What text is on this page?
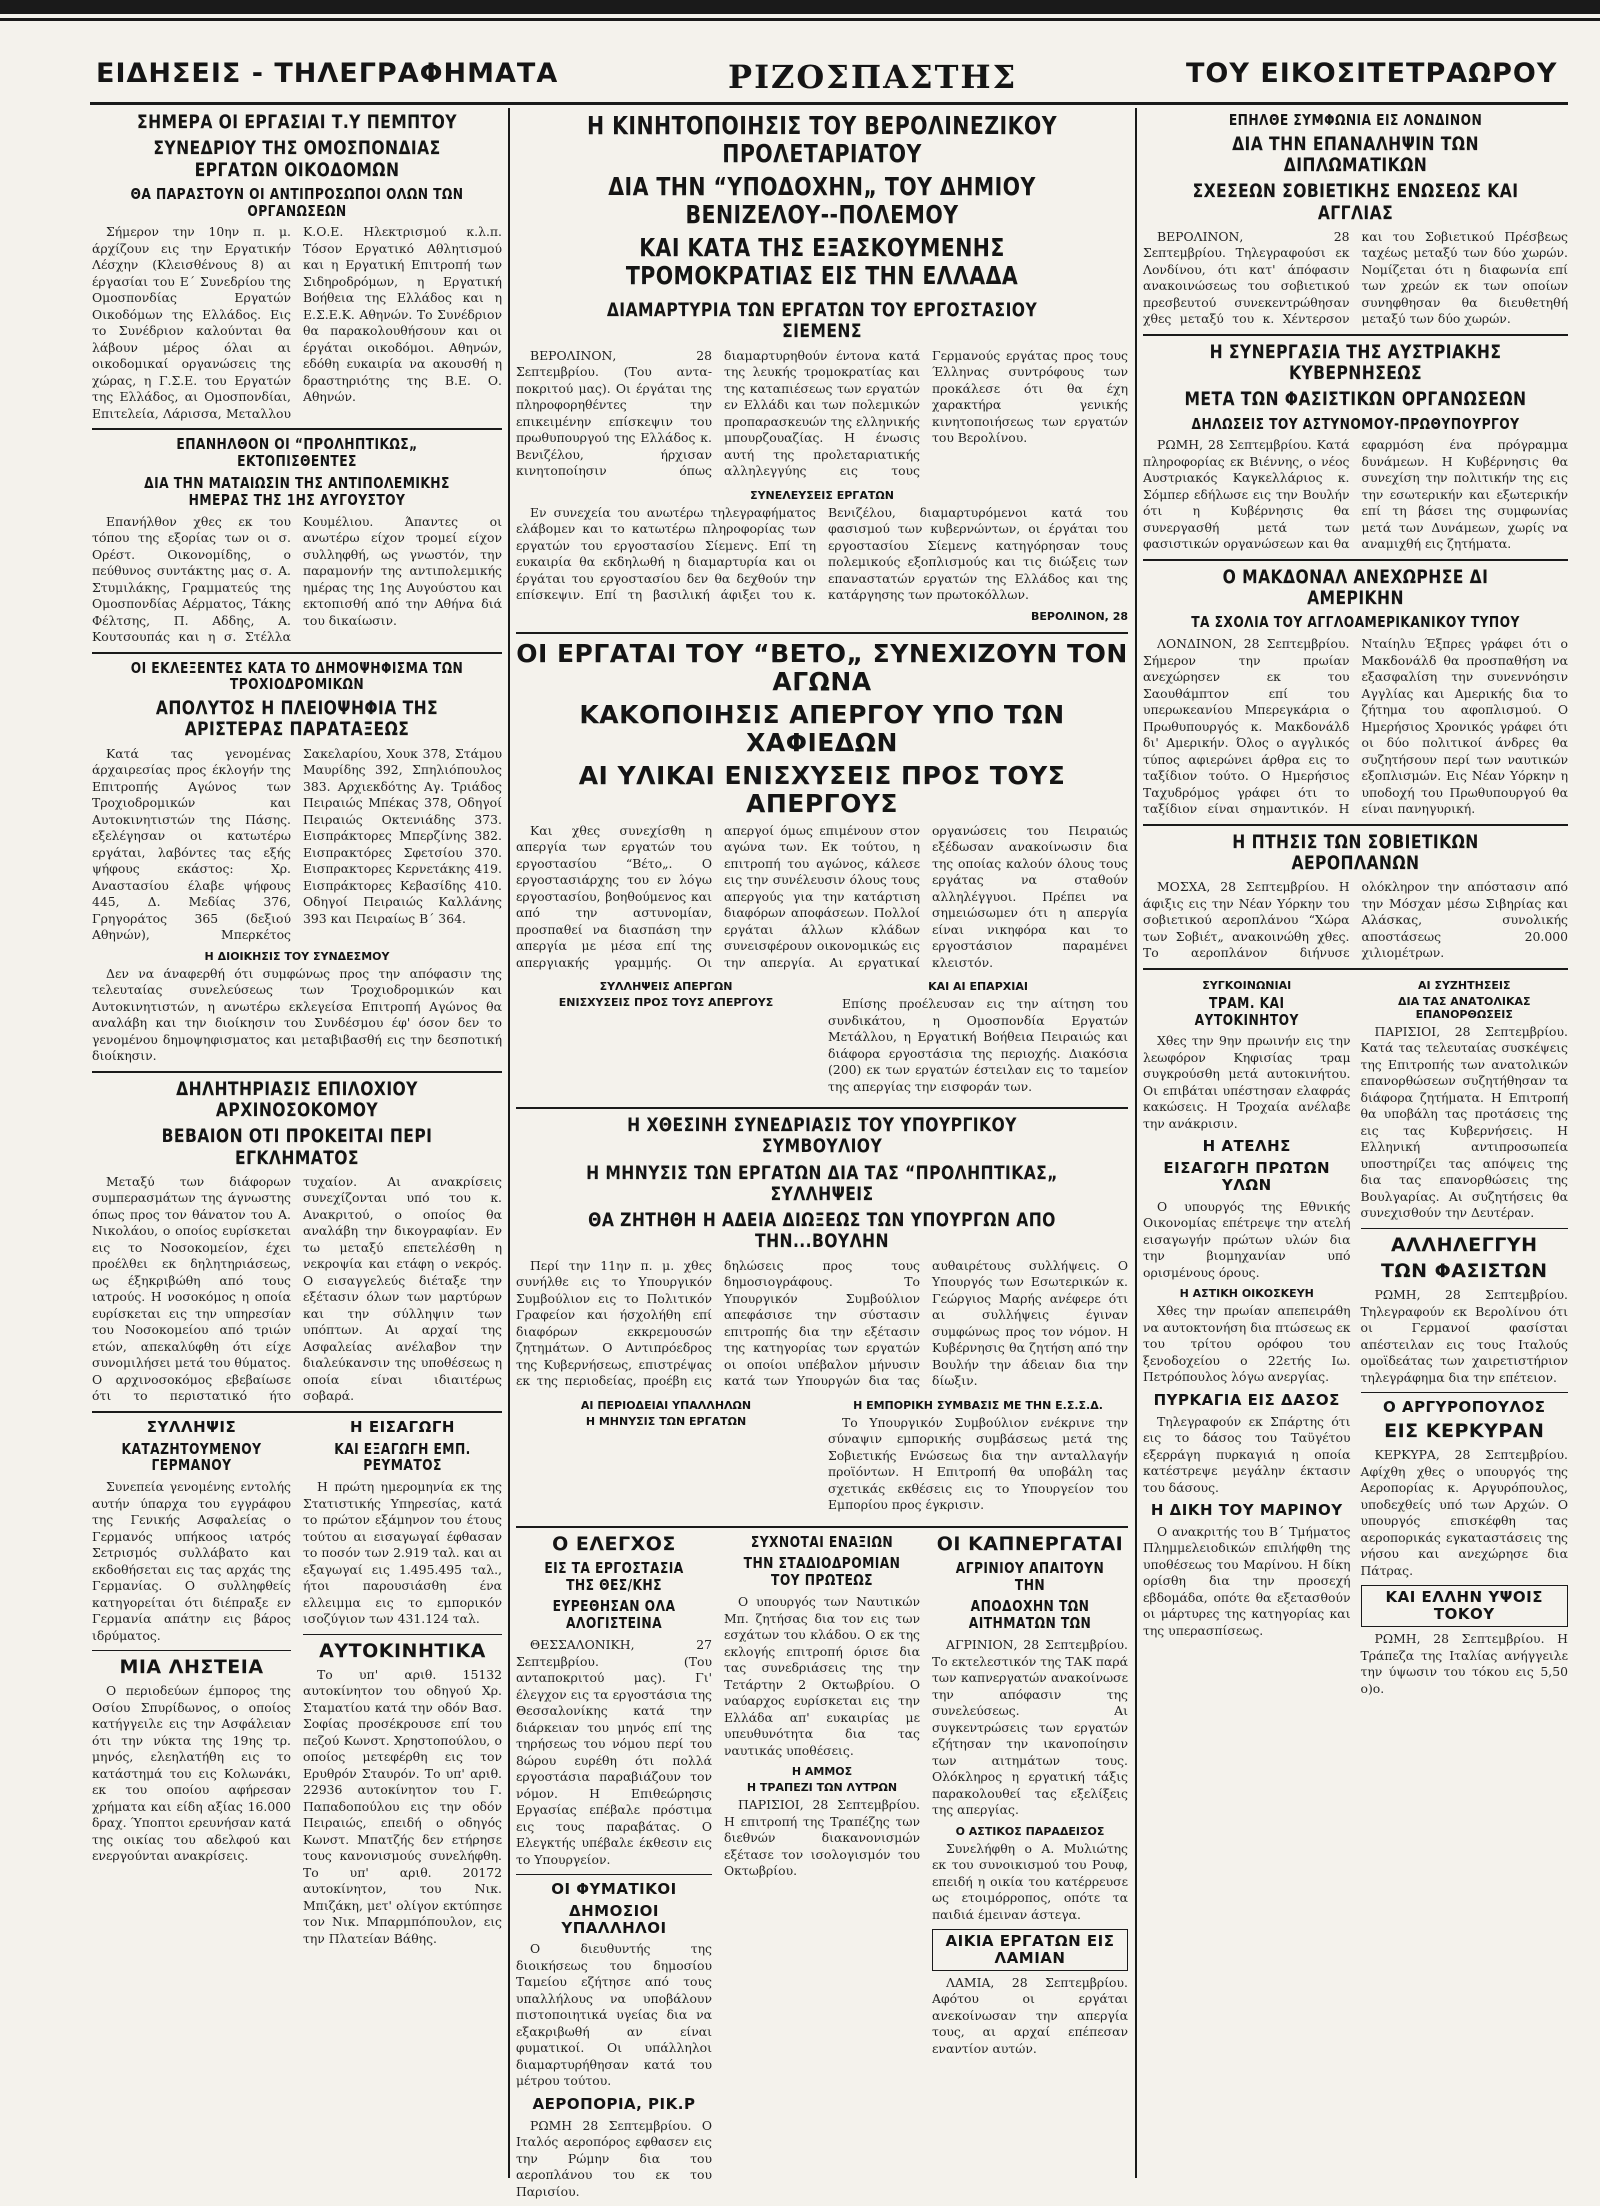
ΕΙΔΗΣΕΙΣ - ΤΗΛΕΓΡΑΦΗΜΑΤΑ	ΡΙΖΟΣΠΑΣΤΗΣ	ΤΟΥ ΕΙΚΟΣΙΤΕΤΡΑΩΡΟΥ
ΣΗΜΕΡΑ ΟΙ ΕΡΓΑΣΙΑΙ Τ.Υ ΠΕΜΠΤΟΥ
ΣΥΝΕΔΡΙΟΥ ΤΗΣ ΟΜΟΣΠΟΝΔΙΑΣ ΕΡΓΑΤΩΝ ΟΙΚΟΔΟΜΩΝ
ΘΑ ΠΑΡΑΣΤΟΥΝ ΟΙ ΑΝΤΙΠΡΟΣΩΠΟΙ ΟΛΩΝ ΤΩΝ ΟΡΓΑΝΩΣΕΩΝ

Σήμερον την 10ην π. μ. άρχίζουν εις την Εργατικήν Λέσχην (Κλεισθένους 8) αι έργασίαι του Ε΄ Συνεδρίου της Ομοσπονδίας Εργατών Οικοδόμων της Ελλάδος. Εις το Συνέδριον καλούνται θα λάβουν μέρος όλαι αι οικοδομικαί οργανώσεις της χώρας, η Γ.Σ.Ε. του Εργατών της Ελλάδος, αι Ομοσπονδίαι, Επιτελεία, Λάρισσα, Μεταλλου Κ.Ο.Ε. Ηλεκτρισμού κ.λ.π. Τόσον Εργατικό Αθλητισμού και η Εργατική Επιτροπή των Σιδηροδρόμων, η Εργατική Βοήθεια της Ελλάδος και η Ε.Σ.Ε.Κ. Αθηνών. Το Συνέδριον θα παρακολουθήσουν και οι έργάται οικοδόμοι. Αθηνών, εδόθη ευκαιρία να ακουσθή η δραστηριότης της Β.Ε. Ο. Αθηνών.

ΕΠΑΝΗΛΘΟΝ ΟΙ “ΠΡΟΛΗΠΤΙΚΩΣ„ ΕΚΤΟΠΙΣΘΕΝΤΕΣ
ΔΙΑ ΤΗΝ ΜΑΤΑΙΩΣΙΝ ΤΗΣ ΑΝΤΙΠΟΛΕΜΙΚΗΣ ΗΜΕΡΑΣ ΤΗΣ 1ΗΣ ΑΥΓΟΥΣΤΟΥ

Επανήλθον χθες εκ του τόπου της εξορίας των οι σ. Ορέστ. Οικονομίδης, ο πεύθυνος συντάκτης μας σ. Α. Στυμιλάκης, Γραμματεύς της Ομοσπονδίας Αέρματος, Τάκης Φέλτσης, Π. Αδδης, Α. Κουτσουπάς και η σ. Στέλλα Κουμέλιου. Άπαντες οι ανωτέρω είχον τρομεί είχον συλληφθή, ως γνωστόν, την παραμονήν της αντιπολεμικής ημέρας της 1ης Αυγούστου και εκτοπισθή από την Αθήνα διά του δικαίωσιν.

ΟΙ ΕΚΛΕΞΕΝΤΕΣ ΚΑΤΑ ΤΟ ΔΗΜΟΨΗΦΙΣΜΑ ΤΩΝ ΤΡΟΧΙΟΔΡΟΜΙΚΩΝ
ΑΠΟΛΥΤΟΣ Η ΠΛΕΙΟΨΗΦΙΑ ΤΗΣ ΑΡΙΣΤΕΡΑΣ ΠΑΡΑΤΑΞΕΩΣ

Κατά τας γενομένας άρχαιρεσίας προς έκλογήν της Επιτροπής Αγώνος των Τροχιοδρομικών και Αυτοκινητιστών της Πάσης. εξελέγησαν οι κατωτέρω εργάται, λαβόντες τας εξής ψήφους εκάστος: Χρ. Αναστασίου έλαβε ψήφους 445, Δ. Μεδίας 376, Γρηγοράτος 365 (δεξιού Αθηνών), Μπερκέτος Σακελαρίου, Χουκ 378, Στάμου Μαυρίδης 392, Σπηλιόπουλος 383. Αρχιεκδότης Αγ. Τριάδος Πειραιώς Μπέκας 378, Οδηγοί Πειραιώς Οκτενιάδης 373. Εισπράκτορες Μπερζίνης 382. Εισπρακτόρες Σφετσίου 370. Εισπρακτορες Κερνετάκης 419. Εισπράκτορες Κεβασίδης 410. Οδηγοί Πειραιώς Καλλάνης 393 και Πειραίως Β΄ 364.

Η ΔΙΟΙΚΗΣΙΣ ΤΟΥ ΣΥΝΔΕΣΜΟΥ

Δεν να άναφερθή ότι συμφώνως προς την απόφασιν της τελευταίας συνελεύσεως των Τροχιοδρομικών και Αυτοκινητιστών, η ανωτέρω εκλεγείσα Επιτροπή Αγώνος θα αναλάβη και την διοίκησιν του Συνδέσμου έφ' όσον δεν το γενομένου δημοψηφισματος και μεταβιβασθή εις την δεσποτική διοίκησιν.

ΔΗΛΗΤΗΡΙΑΣΙΣ ΕΠΙΛΟΧΙΟΥ ΑΡΧΙΝΟΣΟΚΟΜΟΥ
ΒΕΒΑΙΟΝ ΟΤΙ ΠΡΟΚΕΙΤΑΙ ΠΕΡΙ ΕΓΚΛΗΜΑΤΟΣ

Μεταξύ των διάφορων συμπερασμάτων της άγνωστης όπως προς τον θάνατον του Α. Νικολάου, ο οποίος ευρίσκεται εις το Νοσοκομείον, έχει προέλθει εκ δηλητηριάσεως, ως έξηκριβώθη από τους ιατρούς. Η νοσοκόμος η οποία ευρίσκεται εις την υπηρεσίαν του Νοσοκομείου από τριών ετών, απεκαλύφθη ότι είχε συνομιλήσει μετά του θύματος. Ο αρχινοσοκόμος εβεβαίωσε ότι το περιστατικό ήτο τυχαίον. Αι ανακρίσεις συνεχίζονται υπό του κ. Ανακριτού, ο οποίος θα αναλάβη την δικογραφίαν. Εν τω μεταξύ επετελέσθη η νεκροψία και ετάφη ο νεκρός. Ο εισαγγελεύς διέταξε την εξέτασιν όλων των μαρτύρων και την σύλληψιν των υπόπτων. Αι αρχαί της Ασφαλείας ανέλαβον την διαλεύκανσιν της υποθέσεως η οποία είναι ιδιαιτέρως σοβαρά.

ΣΥΛΛΗΨΙΣ
ΚΑΤΑΖΗΤΟΥΜΕΝΟΥ ΓΕΡΜΑΝΟΥ

Συνεπεία γενομένης εντολής αυτήν ύπαρχα του εγγράφου της Γενικής Ασφαλείας ο Γερμανός υπήκοος ιατρός Σετρισμός συλλάβατο και εκδοθήσεται εις τας αρχάς της Γερμανίας. Ο συλληφθείς κατηγορείται ότι διέπραξε εν Γερμανία απάτην εις βάρος ιδρύματος.

ΜΙΑ ΛΗΣΤΕΙΑ

Ο περιοδεύων έμπορος της Οσίου Σπυρίδωνος, ο οποίος κατήγγειλε εις την Ασφάλειαν ότι την νύκτα της 19ης τρ. μηνός, ελεηλατήθη εις το κατάστημά του εις Κολωνάκι, εκ του οποίου αφήρεσαν χρήματα και είδη αξίας 16.000 δραχ. Ύποπτοι ερευνήσαν κατά της οικίας του αδελφού και ενεργούνται ανακρίσεις.

Η ΕΙΣΑΓΩΓΗ
ΚΑΙ ΕΞΑΓΩΓΗ ΕΜΠ. ΡΕΥΜΑΤΟΣ

Η πρώτη ημερομηνία εκ της Στατιστικής Υπηρεσίας, κατά το πρώτον εξάμηνον του έτους τούτου αι εισαγωγαί έφθασαν το ποσόν των 2.919 ταλ. και αι εξαγωγαί εις 1.495.495 ταλ., ήτοι παρουσιάσθη ένα ελλειμμα εις το εμπορικόν ισοζύγιον των 431.124 ταλ.

ΑΥΤΟΚΙΝΗΤΙΚΑ

Το υπ' αριθ. 15132 αυτοκίνητον του οδηγού Χρ. Σταματίου κατά την οδόν Βασ. Σοφίας προσέκρουσε επί του πεζού Κωνστ. Χρηστοπούλου, ο οποίος μετεφέρθη εις τον Ερυθρόν Σταυρόν. Το υπ' αριθ. 22936 αυτοκίνητον του Γ. Παπαδοπούλου εις την οδόν Πειραιώς, επειδή ο οδηγός Κωνστ. Μπατζής δεν ετήρησε τους κανονισμούς συνελήφθη. Το υπ' αριθ. 20172 αυτοκίνητον, του Νικ. Μπιζάκη, μετ' ολίγον εκτύπησε τον Νικ. Μπαρμπόπουλον, εις την Πλατείαν Βάθης.

Η ΚΙΝΗΤΟΠΟΙΗΣΙΣ ΤΟΥ ΒΕΡΟΛΙΝΕΖΙΚΟΥ ΠΡΟΛΕΤΑΡΙΑΤΟΥ
ΔΙΑ ΤΗΝ “ΥΠΟΔΟΧΗΝ„ ΤΟΥ ΔΗΜΙΟΥ ΒΕΝΙΖΕΛΟΥ--ΠΟΛΕΜΟΥ
ΚΑΙ ΚΑΤΑ ΤΗΣ ΕΞΑΣΚΟΥΜΕΝΗΣ ΤΡΟΜΟΚΡΑΤΙΑΣ ΕΙΣ ΤΗΝ ΕΛΛΑΔΑ
ΔΙΑΜΑΡΤΥΡΙΑ ΤΩΝ ΕΡΓΑΤΩΝ ΤΟΥ ΕΡΓΟΣΤΑΣΙΟΥ ΣΙΕΜΕΝΣ

ΒΕΡΟΛΙΝΟΝ, 28 Σεπτεμβρίου. (Του ανταποκριτού μας). Οι έργάται της πληροφορηθέντες την επικειμένην επίσκεψιν του πρωθυπουργού της Ελλάδος κ. Βενιζέλου, ήρχισαν κινητοποίησιν όπως διαμαρτυρηθούν έντονα κατά της λευκής τρομοκρατίας και της καταπιέσεως των εργατών εν Ελλάδι και των πολεμικών προπαρασκευών της ελληνικής μπουρζουαζίας. Η ένωσις αυτή της προλεταριατικής αλληλεγγύης εις τους Γερμανούς εργάτας προς τους Έλληνας συντρόφους των προκάλεσε ότι θα έχη χαρακτήρα γενικής κινητοποιήσεως των εργατών του Βερολίνου.

ΣΥΝΕΛΕΥΣΕΙΣ ΕΡΓΑΤΩΝ

Εν συνεχεία του ανωτέρω τηλεγραφήματος ελάβομεν και το κατωτέρω πληροφορίας των εργατών του εργοστασίου Σίεμενς. Επί τη ευκαιρία θα εκδηλωθή η διαμαρτυρία και οι έργάται του εργοστασίου δεν θα δεχθούν την επίσκεψιν. Επί τη βασιλική άφιξει του κ. Βενιζέλου, διαμαρτυρόμενοι κατά του φασισμού των κυβερνώντων, οι έργάται του εργοστασίου Σίεμενς κατηγόρησαν τους πολεμικούς εξοπλισμούς και τις διώξεις των επαναστατών εργατών της Ελλάδος και της κατάργησης των πρωτοκόλλων.

ΒΕΡΟΛΙΝΟΝ, 28
ΟΙ ΕΡΓΑΤΑΙ ΤΟΥ “ΒΕΤΟ„ ΣΥΝΕΧΙΖΟΥΝ ΤΟΝ ΑΓΩΝΑ
ΚΑΚΟΠΟΙΗΣΙΣ ΑΠΕΡΓΟΥ ΥΠΟ ΤΩΝ ΧΑΦΙΕΔΩΝ
ΑΙ ΥΛΙΚΑΙ ΕΝΙΣΧΥΣΕΙΣ ΠΡΟΣ ΤΟΥΣ ΑΠΕΡΓΟΥΣ

Και χθες συνεχίσθη η απεργία των εργατών του εργοστασίου “Βέτο„. Ο εργοστασιάρχης του εν λόγω εργοστασίου, βοηθούμενος και από την αστυνομίαν, προσπαθεί να διασπάση την απεργία με μέσα επί της απεργιακής γραμμής. Οι απεργοί όμως επιμένουν στον αγώνα των. Εκ τούτου, η επιτροπή του αγώνος, κάλεσε εις την συνέλευσιν όλους τους απεργούς για την κατάρτιση διαφόρων αποφάσεων. Πολλοί εργάται άλλων κλάδων συνεισφέρουν οικονομικώς εις την απεργία. Αι εργατικαί οργανώσεις του Πειραιώς εξέδωσαν ανακοίνωσιν δια της οποίας καλούν όλους τους εργάτας να σταθούν αλληλέγγυοι. Πρέπει να σημειώσωμεν ότι η απεργία είναι νικηφόρα και το εργοστάσιον παραμένει κλειστόν.

ΣΥΛΛΗΨΕΙΣ ΑΠΕΡΓΩΝ
ΕΝΙΣΧΥΣΕΙΣ ΠΡΟΣ ΤΟΥΣ ΑΠΕΡΓΟΥΣ
ΚΑΙ ΑΙ ΕΠΑΡΧΙΑΙ

Επίσης προέλευσαν εις την αίτηση του συνδικάτου, η Ομοσπονδία Εργατών Μετάλλου, η Εργατική Βοήθεια Πειραιώς και διάφορα εργοστάσια της περιοχής. Διακόσια (200) εκ των εργατών έστειλαν εις το ταμείον της απεργίας την εισφοράν των.

Η ΧΘΕΣΙΝΗ ΣΥΝΕΔΡΙΑΣΙΣ ΤΟΥ ΥΠΟΥΡΓΙΚΟΥ ΣΥΜΒΟΥΛΙΟΥ
Η ΜΗΝΥΣΙΣ ΤΩΝ ΕΡΓΑΤΩΝ ΔΙΑ ΤΑΣ “ΠΡΟΛΗΠΤΙΚΑΣ„ ΣΥΛΛΗΨΕΙΣ
ΘΑ ΖΗΤΗΘΗ Η ΑΔΕΙΑ ΔΙΩΞΕΩΣ ΤΩΝ ΥΠΟΥΡΓΩΝ ΑΠΟ ΤΗΝ...ΒΟΥΛΗΝ

Περί την 11ην π. μ. χθες συνήλθε εις το Υπουργικόν Συμβούλιον εις το Πολιτικόν Γραφείον και ήσχολήθη επί διαφόρων εκκρεμουσών ζητημάτων. Ο Αντιπρόεδρος της Κυβερνήσεως, επιστρέψας εκ της περιοδείας, προέβη εις δηλώσεις προς τους δημοσιογράφους. Το Υπουργικόν Συμβούλιον απεφάσισε την σύστασιν επιτροπής δια την εξέτασιν της κατηγορίας των εργατών οι οποίοι υπέβαλον μήνυσιν κατά των Υπουργών δια τας αυθαιρέτους συλλήψεις. Ο Υπουργός των Εσωτερικών κ. Γεώργιος Μαρής ανέφερε ότι αι συλλήψεις έγιναν συμφώνως προς τον νόμον. Η Κυβέρνησις θα ζητήση από την Βουλήν την άδειαν δια την δίωξιν.

ΑΙ ΠΕΡΙΟΔΕΙΑΙ ΥΠΑΛΛΗΛΩΝ
Η ΜΗΝΥΣΙΣ ΤΩΝ ΕΡΓΑΤΩΝ
Η ΕΜΠΟΡΙΚΗ ΣΥΜΒΑΣΙΣ ΜΕ ΤΗΝ Ε.Σ.Σ.Δ.

Το Υπουργικόν Συμβούλιον ενέκρινε την σύναψιν εμπορικής συμβάσεως μετά της Σοβιετικής Ενώσεως δια την ανταλλαγήν προϊόντων. Η Επιτροπή θα υποβάλη τας σχετικάς εκθέσεις εις το Υπουργείον του Εμπορίου προς έγκρισιν.

Ο ΕΛΕΓΧΟΣ
ΕΙΣ ΤΑ ΕΡΓΟΣΤΑΣΙΑ ΤΗΣ ΘΕΣ/ΚΗΣ
ΕΥΡΕΘΗΣΑΝ ΟΛΑ ΑΛΟΓΙΣΤΕΙΝΑ

ΘΕΣΣΑΛΟΝΙΚΗ, 27 Σεπτεμβρίου. (Του ανταποκριτού μας). Γι' έλεγχον εις τα εργοστάσια της Θεσσαλονίκης κατά την διάρκειαν του μηνός επί της τηρήσεως του νόμου περί του 8ώρου ευρέθη ότι πολλά εργοστάσια παραβιάζουν τον νόμον. Η Επιθεώρησις Εργασίας επέβαλε πρόστιμα εις τους παραβάτας. Ο Ελεγκτής υπέβαλε έκθεσιν εις το Υπουργείον.

ΟΙ ΦΥΜΑΤΙΚΟΙ
ΔΗΜΟΣΙΟΙ ΥΠΑΛΛΗΛΟΙ

Ο διευθυντής της διοικήσεως του δημοσίου Ταμείου εζήτησε από τους υπαλλήλους να υποβάλουν πιστοποιητικά υγείας δια να εξακριβωθή αν είναι φυματικοί. Οι υπάλληλοι διαμαρτυρήθησαν κατά του μέτρου τούτου.

ΑΕΡΟΠΟΡΙΑ, ΡΙΚ.Ρ

ΡΩΜΗ 28 Σεπτεμβρίου. Ο Ιταλός αεροπόρος εφθασεν εις την Ρώμην δια του αεροπλάνου του εκ του Παρισίου.

ΣΥΧΝΟΤΑΙ ΕΝΑΞΙΩΝ
ΤΗΝ ΣΤΑΔΙΟΔΡΟΜΙΑΝ ΤΟΥ ΠΡΩΤΕΩΣ

Ο υπουργός των Ναυτικών Μπ. ζητήσας δια τον εις των εσχάτων του κλάδου. Ο εκ της εκλογής επιτροπή όρισε δια τας συνεδριάσεις της την Τετάρτην 2 Οκτωβρίου. Ο ναύαρχος ευρίσκεται εις την Ελλάδα απ' ευκαιρίας με υπευθυνότητα δια τας ναυτικάς υποθέσεις.

Η ΑΜΜΟΣ
Η ΤΡΑΠΕΖΙ ΤΩΝ ΛΥΤΡΩΝ

ΠΑΡΙΣΙΟΙ, 28 Σεπτεμβρίου. Η επιτροπή της Τραπέζης των διεθνών διακανονισμών εξέτασε τον ισολογισμόν του Οκτωβρίου.

ΟΙ ΚΑΠΝΕΡΓΑΤΑΙ
ΑΓΡΙΝΙΟΥ ΑΠΑΙΤΟΥΝ ΤΗΝ
ΑΠΟΔΟΧΗΝ ΤΩΝ ΑΙΤΗΜΑΤΩΝ ΤΩΝ

ΑΓΡΙΝΙΟΝ, 28 Σεπτεμβρίου. Το εκτελεστικόν της ΤΑΚ παρά των καπνεργατών ανακοίνωσε την απόφασιν της συνελεύσεως. Αι συγκεντρώσεις των εργατών εζήτησαν την ικανοποίησιν των αιτημάτων τους. Ολόκληρος η εργατική τάξις παρακολουθεί τας εξελίξεις της απεργίας.

Ο ΑΣΤΙΚΟΣ ΠΑΡΑΔΕΙΣΟΣ

Συνελήφθη ο Α. Μυλιώτης εκ του συνοικισμού του Ρουφ, επειδή η οικία του κατέρρευσε ως ετοιμόρροπος, οπότε τα παιδιά έμειναν άστεγα.

ΑΙΚΙΑ ΕΡΓΑΤΩΝ ΕΙΣ ΛΑΜΙΑΝ

ΛΑΜΙΑ, 28 Σεπτεμβρίου. Αφότου οι εργάται ανεκοίνωσαν την απεργία τους, αι αρχαί επέπεσαν εναντίον αυτών.

ΕΠΗΛΘΕ ΣΥΜΦΩΝΙΑ ΕΙΣ ΛΟΝΔΙΝΟΝ
ΔΙΑ ΤΗΝ ΕΠΑΝΑΛΗΨΙΝ ΤΩΝ ΔΙΠΛΩΜΑΤΙΚΩΝ
ΣΧΕΣΕΩΝ ΣΟΒΙΕΤΙΚΗΣ ΕΝΩΣΕΩΣ ΚΑΙ ΑΓΓΛΙΑΣ

ΒΕΡΟΛΙΝΟΝ, 28 Σεπτεμβρίου. Τηλεγραφούσι εκ Λονδίνου, ότι κατ' άπόφασιν ανακοινώσεως του σοβιετικού πρεσβευτού συνεκεντρώθησαν χθες μεταξύ του κ. Χέντερσον και του Σοβιετικού Πρέσβεως ταχέως μεταξύ των δύο χωρών. Νομίζεται ότι η διαφωνία επί των χρεών εκ των οποίων συνηφθησαν θα διευθετηθή μεταξύ των δύο χωρών.

Η ΣΥΝΕΡΓΑΣΙΑ ΤΗΣ ΑΥΣΤΡΙΑΚΗΣ ΚΥΒΕΡΝΗΣΕΩΣ
ΜΕΤΑ ΤΩΝ ΦΑΣΙΣΤΙΚΩΝ ΟΡΓΑΝΩΣΕΩΝ
ΔΗΛΩΣΕΙΣ ΤΟΥ ΑΣΤΥΝΟΜΟΥ-ΠΡΩΘΥΠΟΥΡΓΟΥ

ΡΩΜΗ, 28 Σεπτεμβρίου. Κατά πληροφορίας εκ Βιέννης, ο νέος Αυστριακός Καγκελλάριος κ. Σόμπερ εδήλωσε εις την Βουλήν ότι η Κυβέρνησις θα συνεργασθή μετά των φασιστικών οργανώσεων και θα εφαρμόση ένα πρόγραμμα δυνάμεων. Η Κυβέρνησις θα συνεχίση την πολιτικήν της εις την εσωτερικήν και εξωτερικήν επί τη βάσει της συμφωνίας μετά των Δυνάμεων, χωρίς να αναμιχθή εις ζητήματα.

Ο ΜΑΚΔΟΝΑΛ ΑΝΕΧΩΡΗΣΕ ΔΙ ΑΜΕΡΙΚΗΝ
ΤΑ ΣΧΟΛΙΑ ΤΟΥ ΑΓΓΛΟΑΜΕΡΙΚΑΝΙΚΟΥ ΤΥΠΟΥ

ΛΟΝΔΙΝΟΝ, 28 Σεπτεμβρίου. Σήμερον την πρωίαν ανεχώρησεν εκ του Σαουθάμπτον επί του υπερωκεανίου Μπερεγκάρια ο Πρωθυπουργός κ. Μακδονάλδ δι' Αμερικήν. Όλος ο αγγλικός τύπος αφιερώνει άρθρα εις το ταξίδιον τούτο. Ο Ημερήσιος Ταχυδρόμος γράφει ότι το ταξίδιον είναι σημαντικόν. Η Νταίηλυ Έξπρες γράφει ότι ο Μακδονάλδ θα προσπαθήση να εξασφαλίση την συνεννόησιν Αγγλίας και Αμερικής δια το ζήτημα του αφοπλισμού. Ο Ημερήσιος Χρονικός γράφει ότι οι δύο πολιτικοί άνδρες θα συζητήσουν περί των ναυτικών εξοπλισμών. Εις Νέαν Υόρκην η υποδοχή του Πρωθυπουργού θα είναι πανηγυρική.

Η ΠΤΗΣΙΣ ΤΩΝ ΣΟΒΙΕΤΙΚΩΝ ΑΕΡΟΠΛΑΝΩΝ

ΜΟΣΧΑ, 28 Σεπτεμβρίου. Η άφιξις εις την Νέαν Υόρκην του σοβιετικού αεροπλάνου “Χώρα των Σοβιέτ„ ανακοινώθη χθες. Το αεροπλάνον διήνυσε ολόκληρον την απόστασιν από την Μόσχαν μέσω Σιβηρίας και Αλάσκας, συνολικής αποστάσεως 20.000 χιλιομέτρων.

ΣΥΓΚΟΙΝΩΝΙΑΙ
ΤΡΑΜ. ΚΑΙ ΑΥΤΟΚΙΝΗΤΟΥ

Χθες την 9ην πρωινήν εις την λεωφόρον Κηφισίας τραμ συγκρούσθη μετά αυτοκινήτου. Οι επιβάται υπέστησαν ελαφράς κακώσεις. Η Τροχαία ανέλαβε την ανάκρισιν.

Η ΑΤΕΛΗΣ
ΕΙΣΑΓΩΓΗ ΠΡΩΤΩΝ ΥΛΩΝ

Ο υπουργός της Εθνικής Οικονομίας επέτρεψε την ατελή εισαγωγήν πρώτων υλών δια την βιομηχανίαν υπό ορισμένους όρους.

Η ΑΣΤΙΚΗ ΟΙΚΟΣΚΕΥΗ

Χθες την πρωίαν απεπειράθη να αυτοκτονήση δια πτώσεως εκ του τρίτου ορόφου του ξενοδοχείου ο 22ετής Ιω. Πετρόπουλος λόγω ανεργίας.

ΠΥΡΚΑΓΙΑ ΕΙΣ ΔΑΣΟΣ

Τηλεγραφούν εκ Σπάρτης ότι εις το δάσος του Ταϋγέτου εξερράγη πυρκαγιά η οποία κατέστρεψε μεγάλην έκτασιν του δάσους.

Η ΔΙΚΗ ΤΟΥ ΜΑΡΙΝΟΥ

Ο ανακριτής του Β΄ Τμήματος Πλημμελειοδικών επιλήφθη της υποθέσεως του Μαρίνου. Η δίκη ορίσθη δια την προσεχή εβδομάδα, οπότε θα εξετασθούν οι μάρτυρες της κατηγορίας και της υπερασπίσεως.

ΑΙ ΣΥΖΗΤΗΣΕΙΣ
ΔΙΑ ΤΑΣ ΑΝΑΤΟΛΙΚΑΣ ΕΠΑΝΟΡΘΩΣΕΙΣ

ΠΑΡΙΣΙΟΙ, 28 Σεπτεμβρίου. Κατά τας τελευταίας συσκέψεις της Επιτροπής των ανατολικών επανορθώσεων συζητήθησαν τα διάφορα ζητήματα. Η Επιτροπή θα υποβάλη τας προτάσεις της εις τας Κυβερνήσεις. Η Ελληνική αντιπροσωπεία υποστηρίζει τας απόψεις της δια τας επανορθώσεις της Βουλγαρίας. Αι συζητήσεις θα συνεχισθούν την Δευτέραν.

ΑΛΛΗΛΕΓΓΥΗ
ΤΩΝ ΦΑΣΙΣΤΩΝ

ΡΩΜΗ, 28 Σεπτεμβρίου. Τηλεγραφούν εκ Βερολίνου ότι οι Γερμανοί φασίσται απέστειλαν εις τους Ιταλούς ομοϊδεάτας των χαιρετιστήριον τηλεγράφημα δια την επέτειον.

Ο ΑΡΓΥΡΟΠΟΥΛΟΣ
ΕΙΣ ΚΕΡΚΥΡΑΝ

ΚΕΡΚΥΡΑ, 28 Σεπτεμβρίου. Αφίχθη χθες ο υπουργός της Αεροπορίας κ. Αργυρόπουλος, υποδεχθείς υπό των Αρχών. Ο υπουργός επισκέφθη τας αεροπορικάς εγκαταστάσεις της νήσου και ανεχώρησε δια Πάτρας.

ΚΑΙ ΕΛΛΗΝ ΥΨΟΙΣ ΤΟΚΟΥ

ΡΩΜΗ, 28 Σεπτεμβρίου. Η Τράπεζα της Ιταλίας ανήγγειλε την ύψωσιν του τόκου εις 5,50 ο)ο.
